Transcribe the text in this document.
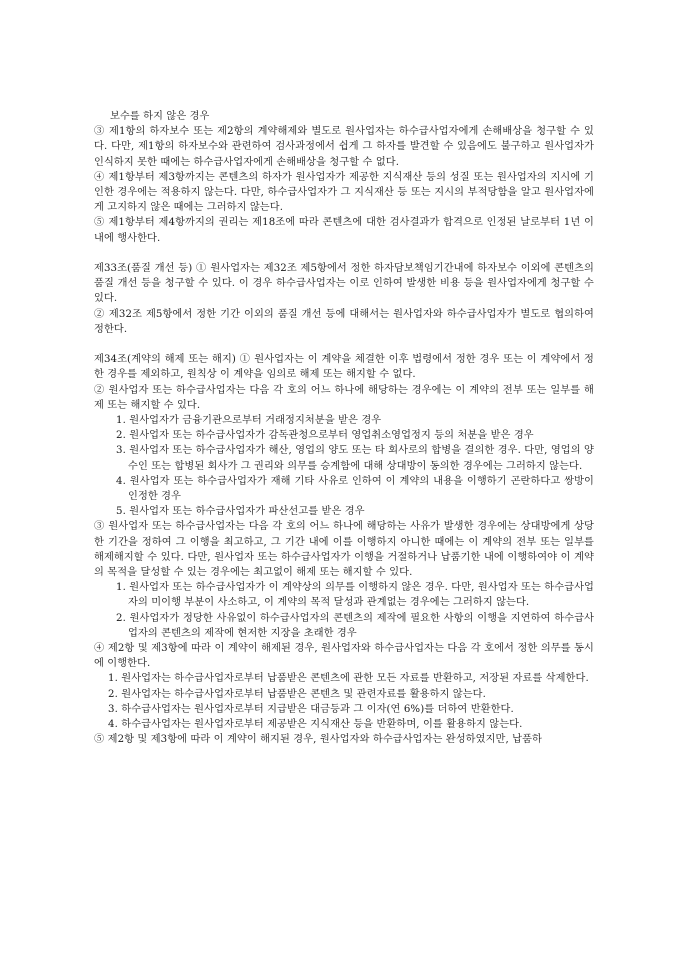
보수를 하지 않은 경우

③ 제1항의 하자보수 또는 제2항의 계약해제와 별도로 원사업자는 하수급사업자에게 손해배상을 청구할 수 있다. 다만, 제1항의 하자보수와 관련하여 검사과정에서 쉽게 그 하자를 발견할 수 있음에도 불구하고 원사업자가 인식하지 못한 때에는 하수급사업자에게 손해배상을 청구할 수 없다.

④ 제1항부터 제3항까지는 콘텐츠의 하자가 원사업자가 제공한 지식재산 등의 성질 또는 원사업자의 지시에 기인한 경우에는 적용하지 않는다. 다만, 하수급사업자가 그 지식재산 등 또는 지시의 부적당함을 알고 원사업자에게 고지하지 않은 때에는 그러하지 않는다.

⑤ 제1항부터 제4항까지의 권리는 제18조에 따라 콘텐츠에 대한 검사결과가 합격으로 인정된 날로부터 1년 이내에 행사한다.

제33조(품질 개선 등) ① 원사업자는 제32조 제5항에서 정한 하자담보책임기간내에 하자보수 이외에 콘텐츠의 품질 개선 등을 청구할 수 있다. 이 경우 하수급사업자는 이로 인하여 발생한 비용 등을 원사업자에게 청구할 수 있다.

② 제32조 제5항에서 정한 기간 이외의 품질 개선 등에 대해서는 원사업자와 하수급사업자가 별도로 협의하여 정한다.

제34조(계약의 해제 또는 해지) ① 원사업자는 이 계약을 체결한 이후 법령에서 정한 경우 또는 이 계약에서 정한 경우를 제외하고, 원칙상 이 계약을 임의로 해제 또는 해지할 수 없다.

② 원사업자 또는 하수급사업자는 다음 각 호의 어느 하나에 해당하는 경우에는 이 계약의 전부 또는 일부를 해제 또는 해지할 수 있다.

1. 원사업자가 금융기관으로부터 거래정지처분을 받은 경우

2. 원사업자 또는 하수급사업자가 감독관청으로부터 영업취소영업정지 등의 처분을 받은 경우

3. 원사업자 또는 하수급사업자가 해산, 영업의 양도 또는 타 회사로의 합병을 결의한 경우. 다만, 영업의 양수인 또는 합병된 회사가 그 권리와 의무를 승계함에 대해 상대방이 동의한 경우에는 그러하지 않는다.

4. 원사업자 또는 하수급사업자가 재해 기타 사유로 인하여 이 계약의 내용을 이행하기 곤란하다고 쌍방이 인정한 경우

5. 원사업자 또는 하수급사업자가 파산선고를 받은 경우

③ 원사업자 또는 하수급사업자는 다음 각 호의 어느 하나에 해당하는 사유가 발생한 경우에는 상대방에게 상당한 기간을 정하여 그 이행을 최고하고, 그 기간 내에 이를 이행하지 아니한 때에는 이 계약의 전부 또는 일부를 해제해지할 수 있다. 다만, 원사업자 또는 하수급사업자가 이행을 거절하거나 납품기한 내에 이행하여야 이 계약의 목적을 달성할 수 있는 경우에는 최고없이 해제 또는 해지할 수 있다.

1. 원사업자 또는 하수급사업자가 이 계약상의 의무를 이행하지 않은 경우. 다만, 원사업자 또는 하수급사업자의 미이행 부분이 사소하고, 이 계약의 목적 달성과 관계없는 경우에는 그러하지 않는다.

2. 원사업자가 정당한 사유없이 하수급사업자의 콘텐츠의 제작에 필요한 사항의 이행을 지연하여 하수급사업자의 콘텐츠의 제작에 현저한 지장을 초래한 경우

④ 제2항 및 제3항에 따라 이 계약이 해제된 경우, 원사업자와 하수급사업자는 다음 각 호에서 정한 의무를 동시에 이행한다.

1. 원사업자는 하수급사업자로부터 납품받은 콘텐츠에 관한 모든 자료를 반환하고, 저장된 자료를 삭제한다.

2. 원사업자는 하수급사업자로부터 납품받은 콘텐츠 및 관련자료를 활용하지 않는다.

3. 하수급사업자는 원사업자로부터 지급받은 대금등과 그 이자(연 6%)를 더하여 반환한다.

4. 하수급사업자는 원사업자로부터 제공받은 지식재산 등을 반환하며, 이를 활용하지 않는다.

⑤ 제2항 및 제3항에 따라 이 계약이 해지된 경우, 원사업자와 하수급사업자는 완성하였지만, 납품하
